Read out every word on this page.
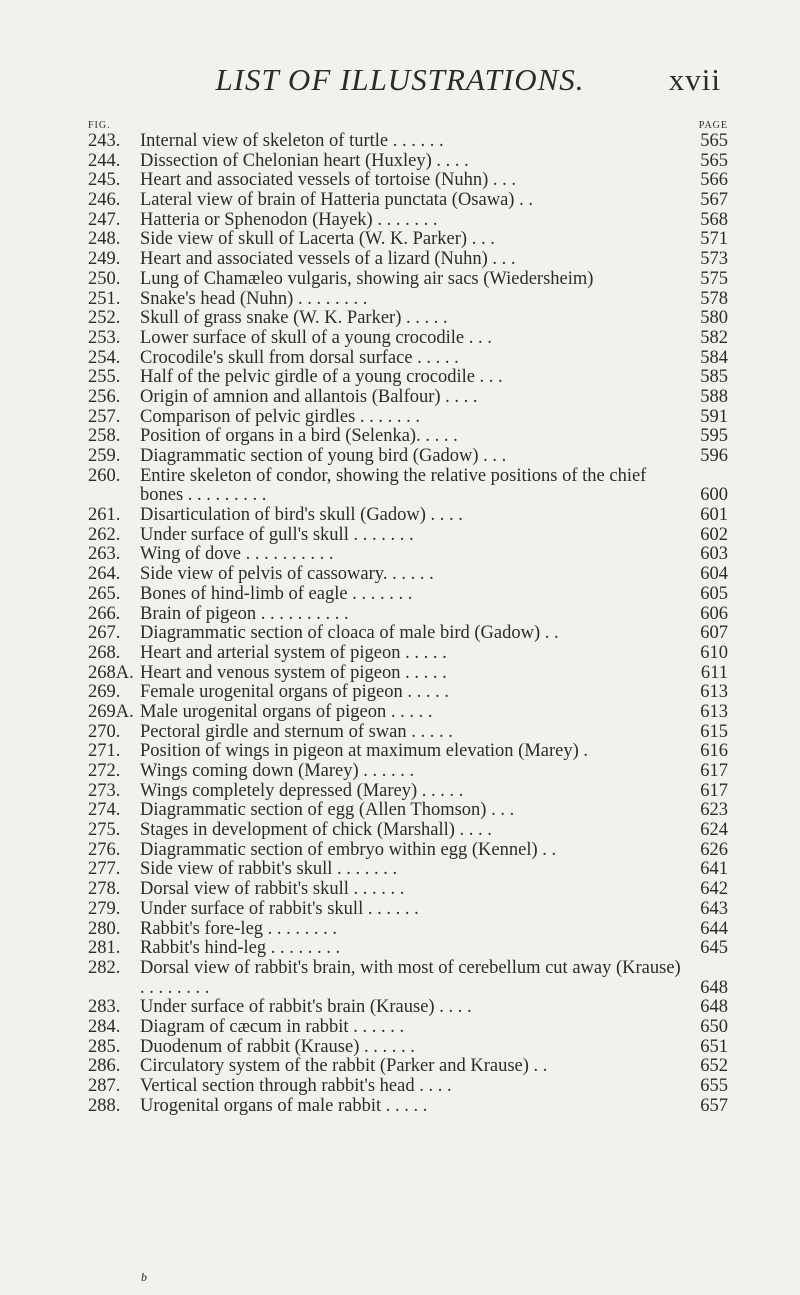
LIST OF ILLUSTRATIONS.	xvii
FIG.	PAGE
243.	Internal view of skeleton of turtle . . . . . .	565
244.	Dissection of Chelonian heart (Huxley) . . . .	565
245.	Heart and associated vessels of tortoise (Nuhn) . . .	566
246.	Lateral view of brain of Hatteria punctata (Osawa) . .	567
247.	Hatteria or Sphenodon (Hayek) . . . . . . .	568
248.	Side view of skull of Lacerta (W. K. Parker) . . .	571
249.	Heart and associated vessels of a lizard (Nuhn) . . .	573
250.	Lung of Chamæleo vulgaris, showing air sacs (Wiedersheim)	575
251.	Snake's head (Nuhn) . . . . . . . .	578
252.	Skull of grass snake (W. K. Parker) . . . . .	580
253.	Lower surface of skull of a young crocodile . . .	582
254.	Crocodile's skull from dorsal surface . . . . .	584
255.	Half of the pelvic girdle of a young crocodile . . .	585
256.	Origin of amnion and allantois (Balfour) . . . .	588
257.	Comparison of pelvic girdles . . . . . . .	591
258.	Position of organs in a bird (Selenka). . . . .	595
259.	Diagrammatic section of young bird (Gadow) . . .	596
260.	Entire skeleton of condor, showing the relative positions of the chief bones . . . . . . . . .	600
261.	Disarticulation of bird's skull (Gadow) . . . .	601
262.	Under surface of gull's skull . . . . . . .	602
263.	Wing of dove . . . . . . . . . .	603
264.	Side view of pelvis of cassowary. . . . . .	604
265.	Bones of hind-limb of eagle . . . . . . .	605
266.	Brain of pigeon . . . . . . . . . .	606
267.	Diagrammatic section of cloaca of male bird (Gadow) . .	607
268.	Heart and arterial system of pigeon . . . . .	610
268A. Heart and venous system of pigeon . . . . .	611
269.	Female urogenital organs of pigeon . . . . .	613
269A. Male urogenital organs of pigeon . . . . .	613
270.	Pectoral girdle and sternum of swan . . . . .	615
271.	Position of wings in pigeon at maximum elevation (Marey) .	616
272.	Wings coming down (Marey) . . . . . .	617
273.	Wings completely depressed (Marey) . . . . .	617
274.	Diagrammatic section of egg (Allen Thomson) . . .	623
275.	Stages in development of chick (Marshall) . . . .	624
276.	Diagrammatic section of embryo within egg (Kennel) . .	626
277.	Side view of rabbit's skull . . . . . . .	641
278.	Dorsal view of rabbit's skull . . . . . .	642
279.	Under surface of rabbit's skull . . . . . .	643
280.	Rabbit's fore-leg . . . . . . . .	644
281.	Rabbit's hind-leg . . . . . . . .	645
282.	Dorsal view of rabbit's brain, with most of cerebellum cut away (Krause) . . . . . . . .	648
283.	Under surface of rabbit's brain (Krause) . . . .	648
284.	Diagram of cæcum in rabbit . . . . . .	650
285.	Duodenum of rabbit (Krause) . . . . . .	651
286.	Circulatory system of the rabbit (Parker and Krause) . .	652
287.	Vertical section through rabbit's head . . . .	655
288.	Urogenital organs of male rabbit . . . . .	657
b
